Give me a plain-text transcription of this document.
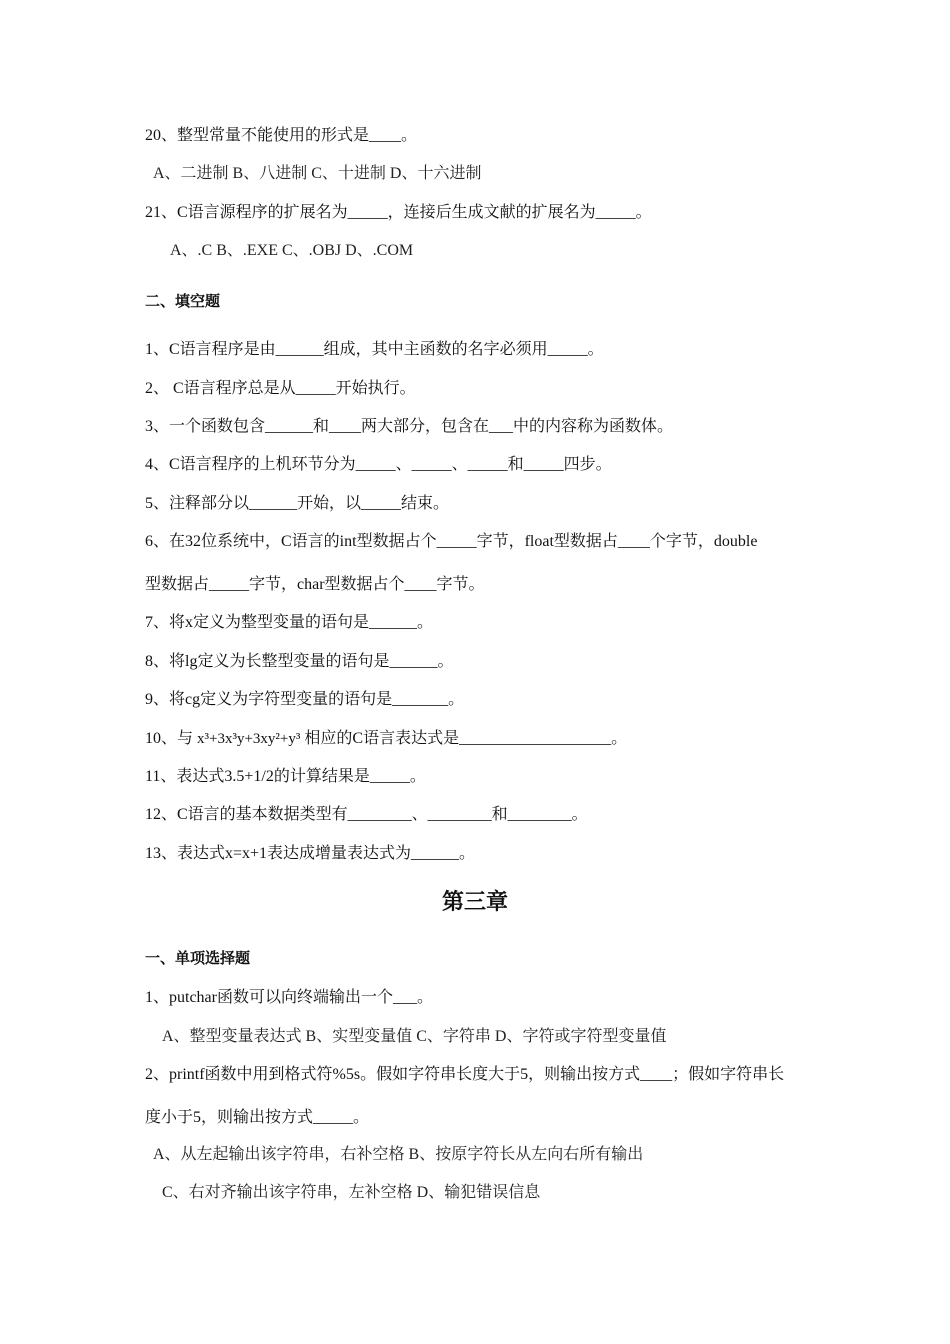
20、整型常量不能使用的形式是____。
A、二进制 B、八进制 C、十进制 D、十六进制
21、C语言源程序的扩展名为_____，连接后生成文献的扩展名为_____。
A、.C B、.EXE C、.OBJ D、.COM
二、填空题
1、C语言程序是由______组成，其中主函数的名字必须用_____。
2、 C语言程序总是从_____开始执行。
3、一个函数包含______和____两大部分，包含在___中的内容称为函数体。
4、C语言程序的上机环节分为_____、_____、_____和_____四步。
5、注释部分以______开始，以_____结束。
6、在32位系统中，C语言的int型数据占个_____字节，float型数据占____个字节，double
型数据占_____字节，char型数据占个____字节。
7、将x定义为整型变量的语句是______。
8、将lg定义为长整型变量的语句是______。
9、将cg定义为字符型变量的语句是_______。
10、与 x³+3x³y+3xy²+y³ 相应的C语言表达式是___________________。
11、表达式3.5+1/2的计算结果是_____。
12、C语言的基本数据类型有________、________和________。
13、表达式x=x+1表达成增量表达式为______。
第三章
一、单项选择题
1、putchar函数可以向终端输出一个___。
A、整型变量表达式 B、实型变量值 C、字符串 D、字符或字符型变量值
2、printf函数中用到格式符%5s。假如字符串长度大于5，则输出按方式____；假如字符串长
度小于5，则输出按方式_____。
A、从左起输出该字符串，右补空格 B、按原字符长从左向右所有输出
C、右对齐输出该字符串，左补空格 D、输犯错误信息
